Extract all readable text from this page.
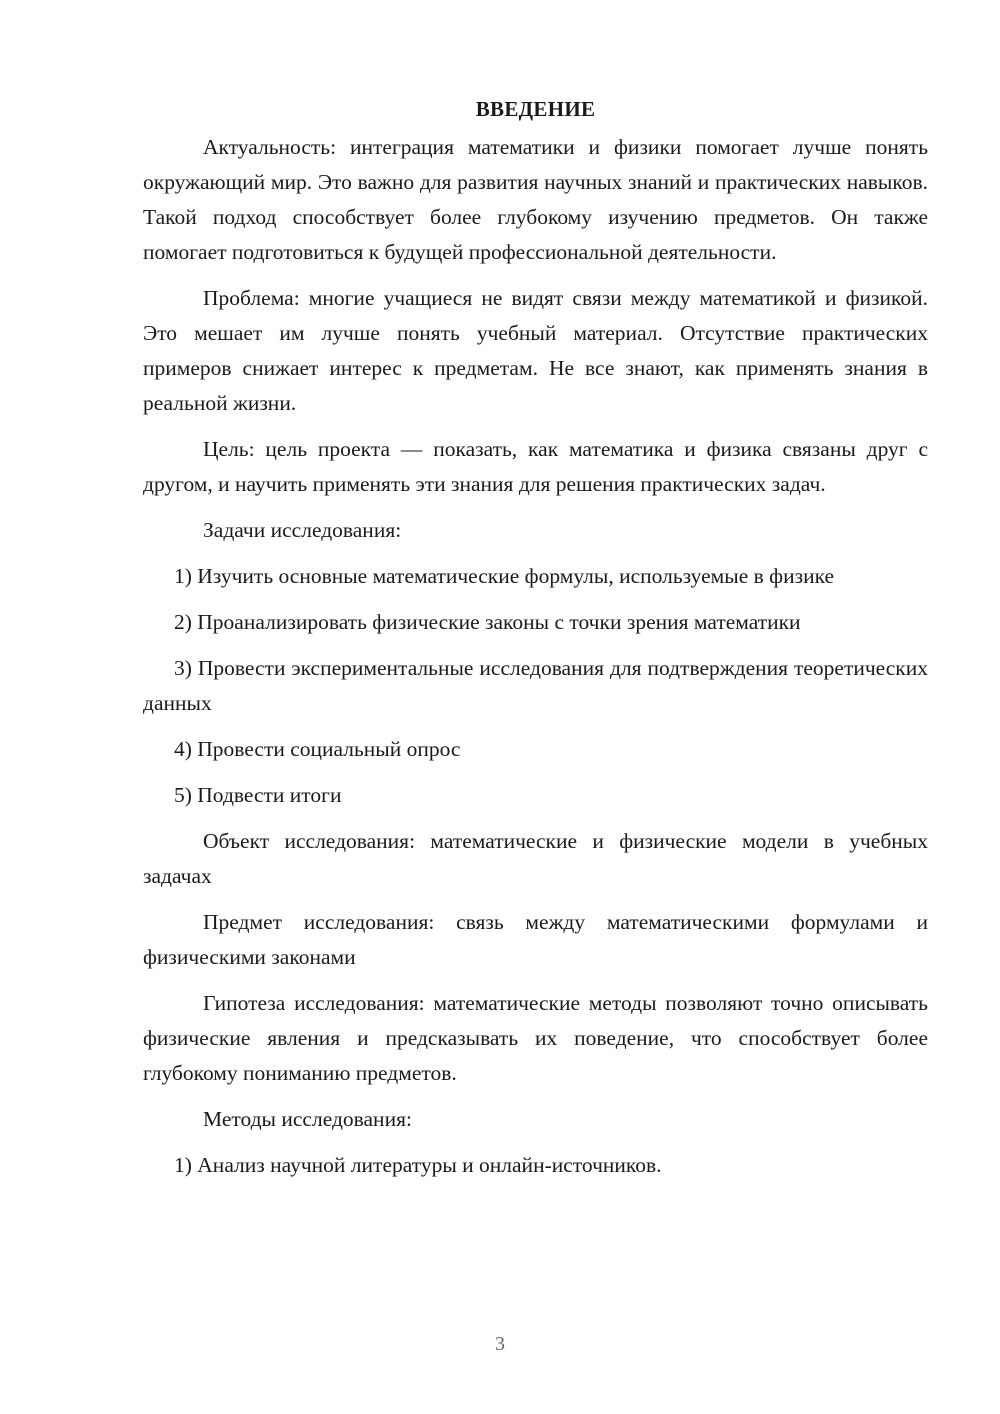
ВВЕДЕНИЕ

Актуальность: интеграция математики и физики помогает лучше понять окружающий мир. Это важно для развития научных знаний и практических навыков. Такой подход способствует более глубокому изучению предметов. Он также помогает подготовиться к будущей профессиональной деятельности.

Проблема: многие учащиеся не видят связи между математикой и физикой. Это мешает им лучше понять учебный материал. Отсутствие практических примеров снижает интерес к предметам. Не все знают, как применять знания в реальной жизни.

Цель: цель проекта — показать, как математика и физика связаны друг с другом, и научить применять эти знания для решения практических задач.

Задачи исследования:

1) Изучить основные математические формулы, используемые в физике

2) Проанализировать физические законы с точки зрения математики

3) Провести экспериментальные исследования для подтверждения теоретических данных

4) Провести социальный опрос

5) Подвести итоги

Объект исследования: математические и физические модели в учебных задачах

Предмет исследования: связь между математическими формулами и физическими законами

Гипотеза исследования: математические методы позволяют точно описывать физические явления и предсказывать их поведение, что способствует более глубокому пониманию предметов.

Методы исследования:

1) Анализ научной литературы и онлайн-источников.

3
